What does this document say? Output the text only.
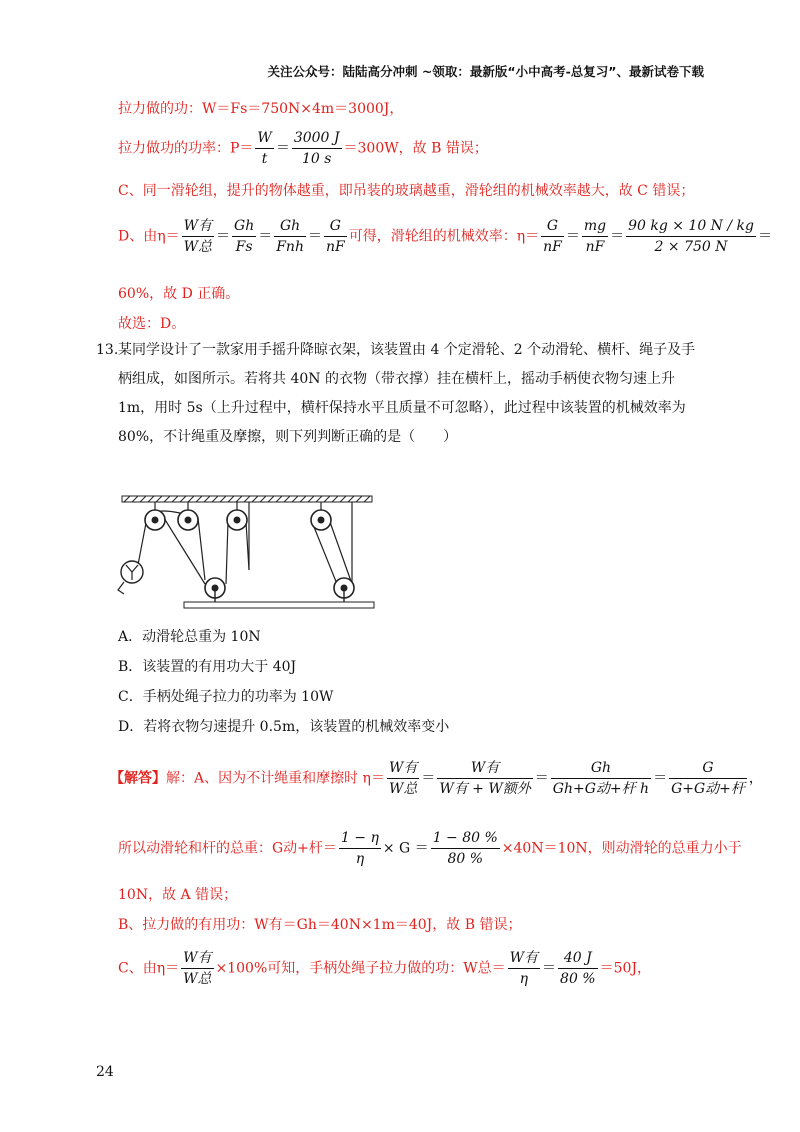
关注公众号：陆陆高分冲刺 ~领取：最新版“小中高考-总复习”、最新试卷下载
拉力做的功：W＝Fs＝750N×4m＝3000J，
拉力做功的功率：$P= \frac{W}{t} = \frac{3000 J}{10 s} =300W$，故 B 错误；
C、同一滑轮组，提升的物体越重，即吊装的玻璃越重，滑轮组的机械效率越大，故 C 错误；
D、由$\eta= \frac{\text{W有}}{\text{W总}} = \frac{Gh}{Fs} = \frac{Gh}{\text{Fnh}} = \frac{G}{nF}$ 可得，滑轮组的机械效率：$\eta= \frac{G}{nF} = \frac{mg}{nF} = \frac{90 kg \times 10 N / kg}{2 \times 750 N}$ ＝
60%，故 D 正确。
故选：D。
13. 某同学设计了一款家用手摇升降晾衣架，该装置由 4 个定滑轮、2 个动滑轮、横杆、绳子及手柄组成，如图所示。若将共 40N 的衣物（带衣撑）挂在横杆上，摇动手柄使衣物匀速上升 1m，用时 5s（上升过程中，横杆保持水平且质量不可忽略），此过程中该装置的机械效率为 80%，不计绳重及摩擦，则下列判断正确的是（　　）
A．动滑轮总重为 10N
B．该装置的有用功大于 40J
C．手柄处绳子拉力的功率为 10W
D．若将衣物匀速提升 0.5m，该装置的机械效率变小
【解答】解：A、因为不计绳重和摩擦时 $\eta= \frac{\text{W有}}{\text{W总}} = \frac{\text{W有}}{\text{W有 + W额外}} = \frac{Gh}{\text{Gh+G动+杆 h}} = \frac{G}{\text{G+G动+杆}}$ ，
所以动滑轮和杆的总重：G动+杆＝ $\frac{1 - \eta}{\eta} \times G = \frac{1 - 80 \%}{80 \%} \times 40N=10N$，则动滑轮的总重力小于
10N，故 A 错误；
B、拉力做的有用功：W有＝Gh＝40N×1m＝40J，故 B 错误；
C、由$\eta= \frac{\text{W有}}{\text{W总}} \times 100\%$可知，手柄处绳子拉力做的功：W总＝ $\frac{\text{W有}}{\eta} = \frac{40 J}{80 \%} =50J$，
24
